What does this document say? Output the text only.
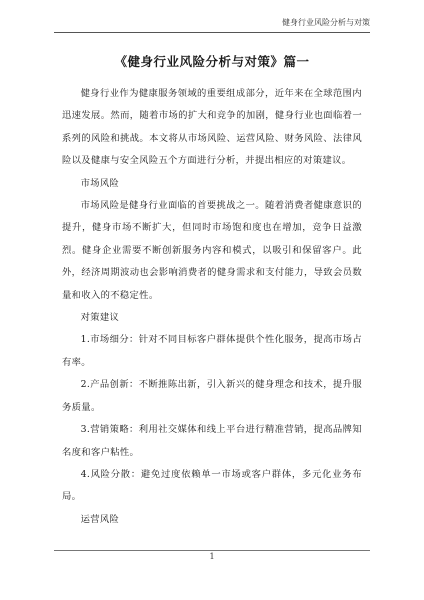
健身行业风险分析与对策
《健身行业风险分析与对策》篇一

健身行业作为健康服务领域的重要组成部分，近年来在全球范围内迅速发展。然而，随着市场的扩大和竞争的加剧，健身行业也面临着一系列的风险和挑战。本文将从市场风险、运营风险、财务风险、法律风险以及健康与安全风险五个方面进行分析，并提出相应的对策建议。

市场风险

市场风险是健身行业面临的首要挑战之一。随着消费者健康意识的提升，健身市场不断扩大，但同时市场饱和度也在增加，竞争日益激烈。健身企业需要不断创新服务内容和模式，以吸引和保留客户。此外，经济周期波动也会影响消费者的健身需求和支付能力，导致会员数量和收入的不稳定性。

对策建议

1.市场细分：针对不同目标客户群体提供个性化服务，提高市场占有率。

2.产品创新：不断推陈出新，引入新兴的健身理念和技术，提升服务质量。

3.营销策略：利用社交媒体和线上平台进行精准营销，提高品牌知名度和客户粘性。

4.风险分散：避免过度依赖单一市场或客户群体，多元化业务布局。

运营风险

1
